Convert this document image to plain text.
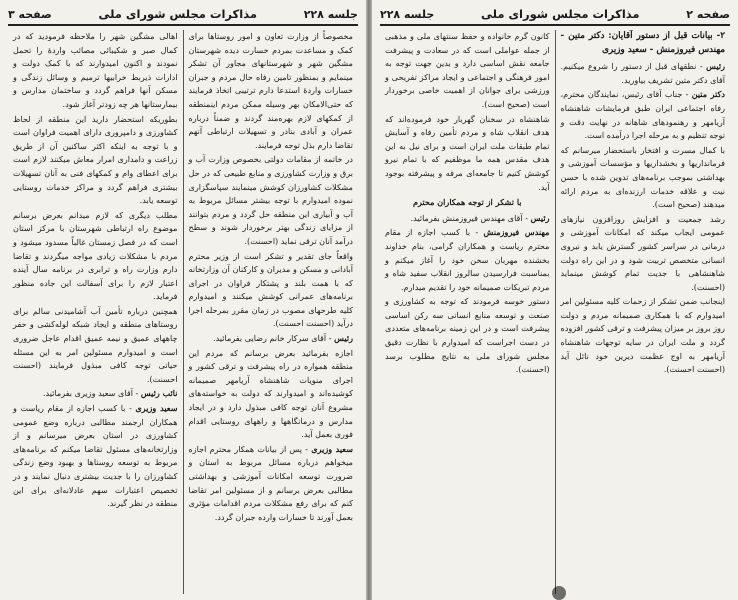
جلسه ۲۲۸
مذاکرات مجلس شورای ملی
صفحه ۳
مخصوصاً از وزارت تعاون و امور روستاها برای کمک و مساعدت بمردم خسارت دیده شهرستان مشگین شهر و شهرستانهای مجاور آن تشکر مینمایم و بمنظور تامین رفاه حال مردم و جبران خسارات واردۀ استدعا دارم ترتیبی اتخاذ فرمایند که حتی‌الامکان بهر وسیله ممکن مردم اینمنطقه از کمکهای لازم بهره‌مند گردند و ضمناً درباره عمران و آبادی بنادر و تسهیلات ارتباطی آنهم تقاضا دارم بذل توجه فرمایند.
در خاتمه از مقامات دولتی بخصوص وزارت آب و برق و وزارت کشاورزی و منابع طبیعی که در حل مشکلات کشاورزان کوشش مینمایند سپاسگزاری نموده امیدوارم با توجه بیشتر مسائل مربوط به آب و آبیاری این منطقه حل گردد و مردم بتوانند از مزایای زندگی بهتر برخوردار شوند و سطح درآمد آنان ترقی نماید (احسنت).
واقعاً جای تقدیر و تشکر است از وزیر محترم آبادانی و مسکن و مدیران و کارکنان آن وزارتخانه که با همت بلند و پشتکار فراوان در اجرای برنامه‌های عمرانی کوشش میکنند و امیدوارم کلیه طرحهای مصوب در زمان مقرر بمرحله اجرا درآید (احسنت احسنت).
رئیس - آقای سرکار خانم رضایی بفرمائید.
اجازه بفرمائید بعرض برسانم که مردم این منطقه همواره در راه پیشرفت و ترقی کشور و اجرای منویات شاهنشاه آریامهر صمیمانه کوشیده‌اند و امیدوارند که دولت به خواسته‌های مشروع آنان توجه کافی مبذول دارد و در ایجاد مدارس و درمانگاهها و راههای روستایی اقدام فوری بعمل آید.
سعید وزیری - پس از بیانات همکار محترم اجازه میخواهم درباره مسائل مربوط به استان و ضرورت توسعه امکانات آموزشی و بهداشتی مطالبی بعرض برسانم و از مسئولین امر تقاضا کنم که برای رفع مشکلات مردم اقدامات مؤثری بعمل آورند تا خسارات وارده جبران گردد.
اهالی مشگین شهر را ملاحظه فرمودید که در کمال صبر و شکیبائی مصائب واردۀ را تحمل نمودند و اکنون امیدوارند که با کمک دولت و ادارات ذیربط خرابیها ترمیم و وسائل زندگی و مسکن آنها فراهم گردد و ساختمان مدارس و بیمارستانها هر چه زودتر آغاز شود.
بطوریکه استحضار دارید این منطقه از لحاظ کشاورزی و دامپروری دارای اهمیت فراوان است و با توجه به اینکه اکثر ساکنین آن از طریق زراعت و دامداری امرار معاش میکنند لازم است برای اعطای وام و کمکهای فنی به آنان تسهیلات بیشتری فراهم گردد و مراکز خدمات روستایی توسعه یابد.
مطلب دیگری که لازم میدانم بعرض برسانم موضوع راه ارتباطی شهرستان با مرکز استان است که در فصل زمستان غالباً مسدود میشود و مردم با مشکلات زیادی مواجه میگردند و تقاضا دارم وزارت راه و ترابری در برنامه سال آینده اعتبار لازم را برای آسفالت این جاده منظور فرماید.
همچنین درباره تأمین آب آشامیدنی سالم برای روستاهای منطقه و ایجاد شبکه لوله‌کشی و حفر چاههای عمیق و نیمه عمیق اقدام عاجل ضروری است و امیدوارم مسئولین امر به این مسئله حیاتی توجه کافی مبذول فرمایند (احسنت احسنت).
نائب رئیس - آقای سعید وزیری بفرمائید.
سعید وزیری - با کسب اجازه از مقام ریاست و همکاران ارجمند مطالبی درباره وضع عمومی کشاورزی در استان بعرض میرسانم و از وزارتخانه‌های مسئول تقاضا میکنم که برنامه‌های مربوط به توسعه روستاها و بهبود وضع زندگی کشاورزان را با جدیت بیشتری دنبال نمایند و در تخصیص اعتبارات سهم عادلانه‌ای برای این منطقه در نظر گیرند.
صفحه ۲
مذاکرات مجلس شورای ملی
جلسه ۲۲۸
۲- بیانات قبل از دستور آقایان: دکتر متین - مهندس فیروزمنش - سعید وزیری
رئیس - نطقهای قبل از دستور را شروع میکنیم. آقای دکتر متین تشریف بیاورید.
دکتر متین - جناب آقای رئیس، نمایندگان محترم، رفاه اجتماعی ایران طبق فرمایشات شاهنشاه آریامهر و رهنمودهای شاهانه در نهایت دقت و توجه تنظیم و به مرحله اجرا درآمده است.
با کمال مسرت و افتخار باستحضار میرسانم که فرمانداریها و بخشداریها و مؤسسات آموزشی و بهداشتی بموجب برنامه‌های تدوین شده با حسن نیت و علاقه خدمات ارزنده‌ای به مردم ارائه میدهند (صحیح است).
رشد جمعیت و افزایش روزافزون نیازهای عمومی ایجاب میکند که امکانات آموزشی و درمانی در سراسر کشور گسترش یابد و نیروی انسانی متخصص تربیت شود و در این راه دولت شاهنشاهی با جدیت تمام کوشش مینماید (احسنت).
اینجانب ضمن تشکر از زحمات کلیه مسئولین امر امیدوارم که با همکاری صمیمانه مردم و دولت روز بروز بر میزان پیشرفت و ترقی کشور افزوده گردد و ملت ایران در سایه توجهات شاهنشاه آریامهر به اوج عظمت دیرین خود نائل آید (احسنت احسنت).
کانون گرم خانواده و حفظ سنتهای ملی و مذهبی از جمله عواملی است که در سعادت و پیشرفت جامعه نقش اساسی دارد و بدین جهت توجه به امور فرهنگی و اجتماعی و ایجاد مراکز تفریحی و ورزشی برای جوانان از اهمیت خاصی برخوردار است (صحیح است).
شاهنشاه در سخنان گهربار خود فرموده‌اند که هدف انقلاب شاه و مردم تأمین رفاه و آسایش تمام طبقات ملت ایران است و برای نیل به این هدف مقدس همه ما موظفیم که با تمام نیرو کوشش کنیم تا جامعه‌ای مرفه و پیشرفته بوجود آید.
با تشکر از توجه همکاران محترم
رئیس - آقای مهندس فیروزمنش بفرمائید.
مهندس فیروزمنش - با کسب اجازه از مقام محترم ریاست و همکاران گرامی، بنام خداوند بخشنده مهربان سخن خود را آغاز میکنم و بمناسبت فرارسیدن سالروز انقلاب سفید شاه و مردم تبریکات صمیمانه خود را تقدیم میدارم.
دستور خوسه فرمودند که توجه به کشاورزی و صنعت و توسعه منابع انسانی سه رکن اساسی پیشرفت است و در این زمینه برنامه‌های متعددی در دست اجراست که امیدوارم با نظارت دقیق مجلس شورای ملی به نتایج مطلوب برسد (احسنت).
